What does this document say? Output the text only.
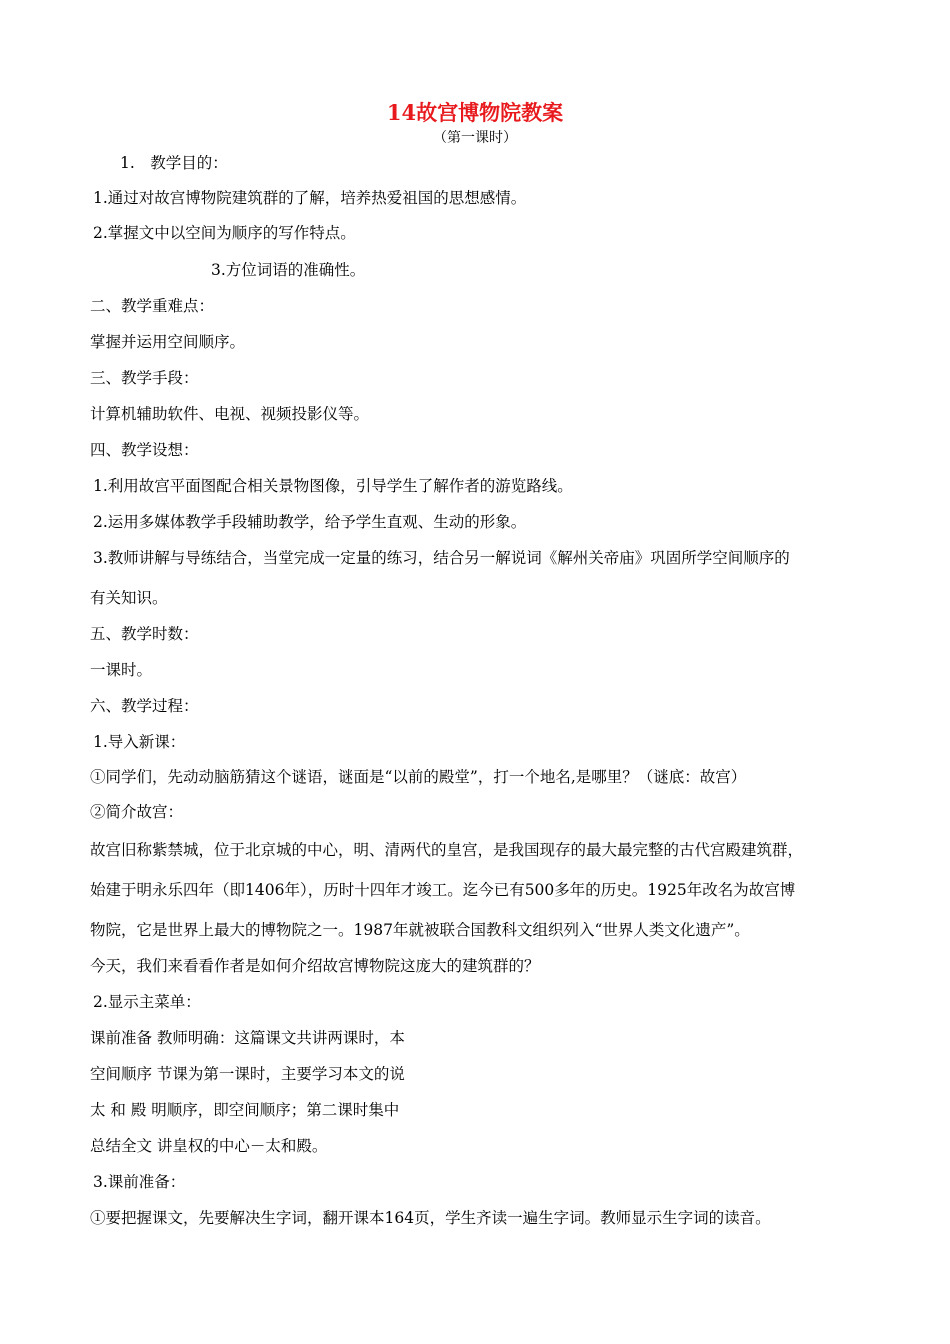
14故宫博物院教案
（第一课时）
1.　教学目的：
1.通过对故宫博物院建筑群的了解，培养热爱祖国的思想感情。
2.掌握文中以空间为顺序的写作特点。
3.方位词语的准确性。
二、教学重难点：
掌握并运用空间顺序。
三、教学手段：
计算机辅助软件、电视、视频投影仪等。
四、教学设想：
1.利用故宫平面图配合相关景物图像，引导学生了解作者的游览路线。
2.运用多媒体教学手段辅助教学，给予学生直观、生动的形象。
3.教师讲解与导练结合，当堂完成一定量的练习，结合另一解说词《解州关帝庙》巩固所学空间顺序的
有关知识。
五、教学时数：
一课时。
六、教学过程：
1.导入新课：
①同学们，先动动脑筋猜这个谜语，谜面是“以前的殿堂”，打一个地名,是哪里？（谜底：故宫）
②简介故宫：
故宫旧称紫禁城，位于北京城的中心，明、清两代的皇宫，是我国现存的最大最完整的古代宫殿建筑群，
始建于明永乐四年（即1406年），历时十四年才竣工。迄今已有500多年的历史。1925年改名为故宫博
物院，它是世界上最大的博物院之一。1987年就被联合国教科文组织列入“世界人类文化遗产”。
今天，我们来看看作者是如何介绍故宫博物院这庞大的建筑群的？
2.显示主菜单：
课前准备 教师明确：这篇课文共讲两课时，本
空间顺序 节课为第一课时，主要学习本文的说
太 和 殿 明顺序，即空间顺序；第二课时集中
总结全文 讲皇权的中心－太和殿。
3.课前准备：
①要把握课文，先要解决生字词，翻开课本164页，学生齐读一遍生字词。教师显示生字词的读音。
